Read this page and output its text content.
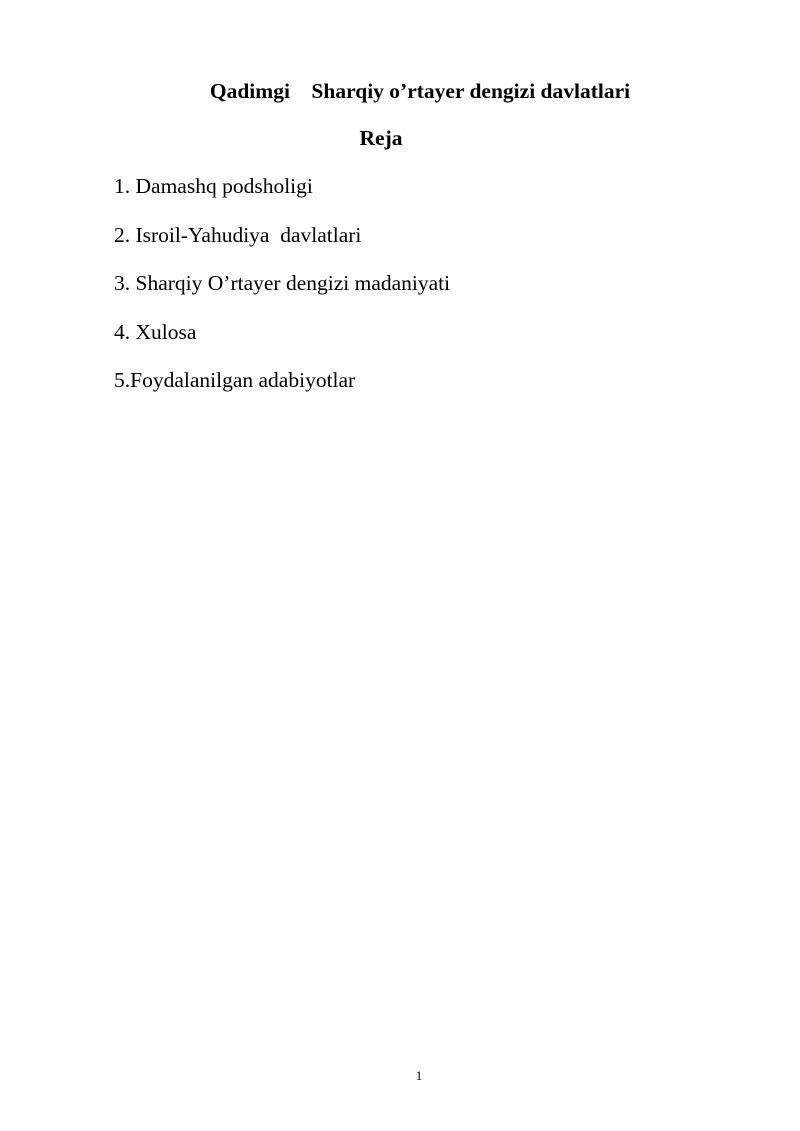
Qadimgi    Sharqiy o’rtayer dengizi davlatlari
Reja
1. Damashq podsholigi
2. Isroil-Yahudiya  davlatlari
3. Sharqiy O’rtayer dengizi madaniyati
4. Xulosa
5.Foydalanilgan adabiyotlar
1
